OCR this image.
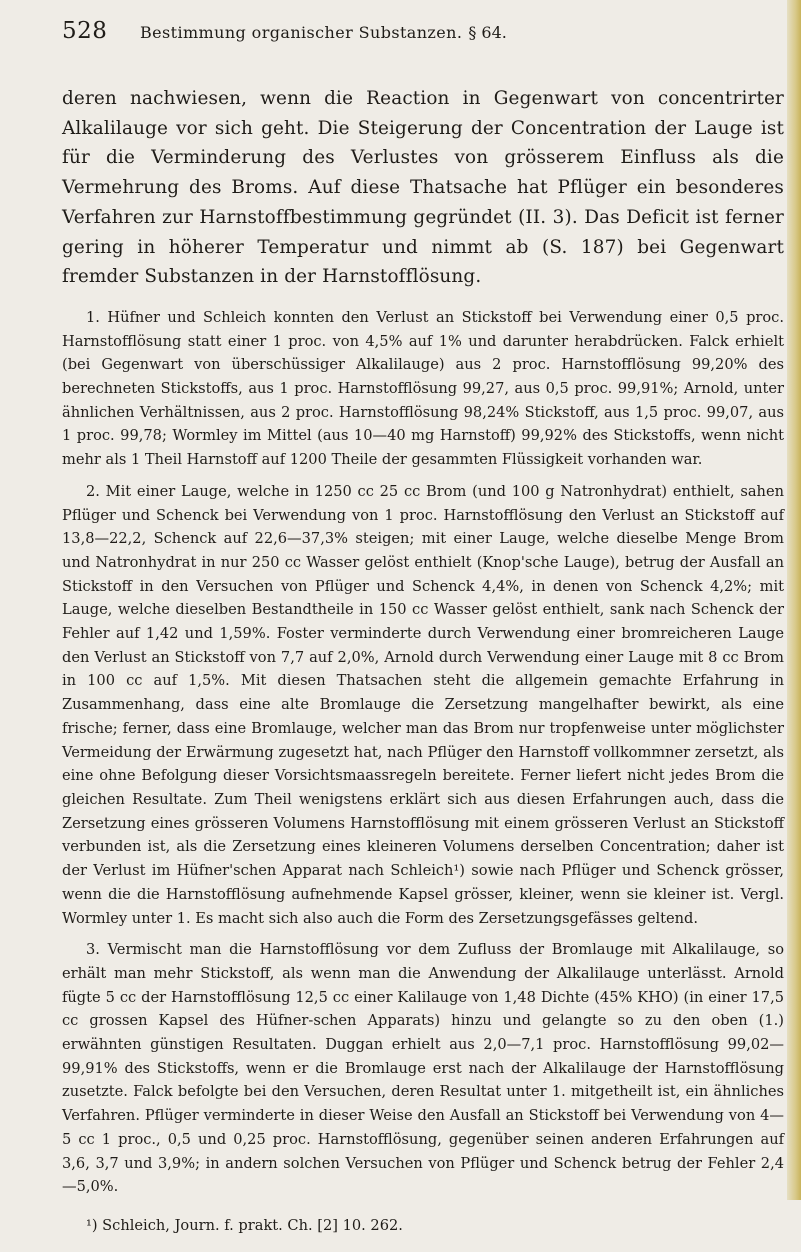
528	Bestimmung organischer Substanzen. § 64.

deren nachwiesen, wenn die Reaction in Gegenwart von concentrirter Alkalilauge vor sich geht. Die Steigerung der Concentration der Lauge ist für die Verminderung des Verlustes von grösserem Einfluss als die Vermehrung des Broms. Auf diese Thatsache hat Pflüger ein besonderes Verfahren zur Harnstoffbestimmung gegründet (II. 3). Das Deficit ist ferner gering in höherer Temperatur und nimmt ab (S. 187) bei Gegenwart fremder Substanzen in der Harnstofflösung.

1. Hüfner und Schleich konnten den Verlust an Stickstoff bei Verwendung einer 0,5 proc. Harnstofflösung statt einer 1 proc. von 4,5% auf 1% und darunter herabdrücken. Falck erhielt (bei Gegenwart von überschüssiger Alkalilauge) aus 2 proc. Harnstofflösung 99,20% des berechneten Stickstoffs, aus 1 proc. Harnstofflösung 99,27, aus 0,5 proc. 99,91%; Arnold, unter ähnlichen Verhältnissen, aus 2 proc. Harnstofflösung 98,24% Stickstoff, aus 1,5 proc. 99,07, aus 1 proc. 99,78; Wormley im Mittel (aus 10—40 mg Harnstoff) 99,92% des Stickstoffs, wenn nicht mehr als 1 Theil Harnstoff auf 1200 Theile der gesammten Flüssigkeit vorhanden war.

2. Mit einer Lauge, welche in 1250 cc 25 cc Brom (und 100 g Natronhydrat) enthielt, sahen Pflüger und Schenck bei Verwendung von 1 proc. Harnstofflösung den Verlust an Stickstoff auf 13,8—22,2, Schenck auf 22,6—37,3% steigen; mit einer Lauge, welche dieselbe Menge Brom und Natronhydrat in nur 250 cc Wasser gelöst enthielt (Knop'sche Lauge), betrug der Ausfall an Stickstoff in den Versuchen von Pflüger und Schenck 4,4%, in denen von Schenck 4,2%; mit Lauge, welche dieselben Bestandtheile in 150 cc Wasser gelöst enthielt, sank nach Schenck der Fehler auf 1,42 und 1,59%. Foster verminderte durch Verwendung einer bromreicheren Lauge den Verlust an Stickstoff von 7,7 auf 2,0%, Arnold durch Verwendung einer Lauge mit 8 cc Brom in 100 cc auf 1,5%. Mit diesen Thatsachen steht die allgemein gemachte Erfahrung in Zusammenhang, dass eine alte Bromlauge die Zersetzung mangelhafter bewirkt, als eine frische; ferner, dass eine Bromlauge, welcher man das Brom nur tropfenweise unter möglichster Vermeidung der Erwärmung zugesetzt hat, nach Pflüger den Harnstoff vollkommner zersetzt, als eine ohne Befolgung dieser Vorsichtsmaassregeln bereitete. Ferner liefert nicht jedes Brom die gleichen Resultate. Zum Theil wenigstens erklärt sich aus diesen Erfahrungen auch, dass die Zersetzung eines grösseren Volumens Harnstofflösung mit einem grösseren Verlust an Stickstoff verbunden ist, als die Zersetzung eines kleineren Volumens derselben Concentration; daher ist der Verlust im Hüfner'schen Apparat nach Schleich¹) sowie nach Pflüger und Schenck grösser, wenn die die Harnstofflösung aufnehmende Kapsel grösser, kleiner, wenn sie kleiner ist. Vergl. Wormley unter 1. Es macht sich also auch die Form des Zersetzungsgefässes geltend.

3. Vermischt man die Harnstofflösung vor dem Zufluss der Bromlauge mit Alkalilauge, so erhält man mehr Stickstoff, als wenn man die Anwendung der Alkalilauge unterlässt. Arnold fügte 5 cc der Harnstofflösung 12,5 cc einer Kalilauge von 1,48 Dichte (45% KHO) (in einer 17,5 cc grossen Kapsel des Hüfner-schen Apparats) hinzu und gelangte so zu den oben (1.) erwähnten günstigen Resultaten. Duggan erhielt aus 2,0—7,1 proc. Harnstofflösung 99,02—99,91% des Stickstoffs, wenn er die Bromlauge erst nach der Alkalilauge der Harnstofflösung zusetzte. Falck befolgte bei den Versuchen, deren Resultat unter 1. mitgetheilt ist, ein ähnliches Verfahren. Pflüger verminderte in dieser Weise den Ausfall an Stickstoff bei Verwendung von 4—5 cc 1 proc., 0,5 und 0,25 proc. Harnstofflösung, gegenüber seinen anderen Erfahrungen auf 3,6, 3,7 und 3,9%; in andern solchen Versuchen von Pflüger und Schenck betrug der Fehler 2,4—5,0%.

¹) Schleich, Journ. f. prakt. Ch. [2] 10. 262.
